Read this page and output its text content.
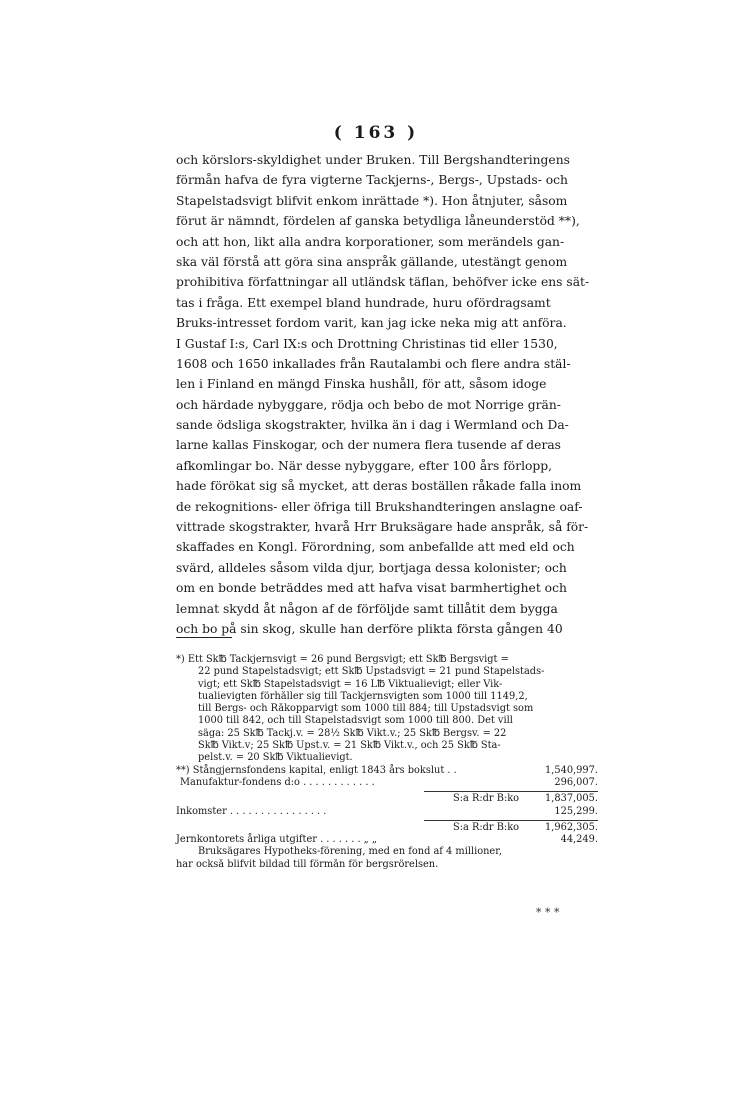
( 163 )
och körslors-skyldighet under Bruken. Till Bergshandteringens
förmån hafva de fyra vigterne Tackjerns-, Bergs-, Upstads- och
Stapelstadsvigt blifvit enkom inrättade *). Hon åtnjuter, såsom
förut är nämndt, fördelen af ganska betydliga låneunderstöd **),
och att hon, likt alla andra korporationer, som merändels gan-
ska väl förstå att göra sina anspråk gällande, utestängt genom
prohibitiva författningar all utländsk täflan, behöfver icke ens sät-
tas i fråga. Ett exempel bland hundrade, huru ofördragsamt
Bruks-intresset fordom varit, kan jag icke neka mig att anföra.
I Gustaf I:s, Carl IX:s och Drottning Christinas tid eller 1530,
1608 och 1650 inkallades från Rautalambi och flere andra stäl-
len i Finland en mängd Finska hushåll, för att, såsom idoge
och härdade nybyggare, rödja och bebo de mot Norrige grän-
sande ödsliga skogstrakter, hvilka än i dag i Wermland och Da-
larne kallas Finskogar, och der numera flera tusende af deras
afkomlingar bo. När desse nybyggare, efter 100 års förlopp,
hade förökat sig så mycket, att deras boställen råkade falla inom
de rekognitions- eller öfriga till Brukshandteringen anslagne oaf-
vittrade skogstrakter, hvarå Hrr Bruksägare hade anspråk, så för-
skaffades en Kongl. Förordning, som anbefallde att med eld och
svärd, alldeles såsom vilda djur, bortjaga dessa kolonister; och
om en bonde beträddes med att hafva visat barmhertighet och
lemnat skydd åt någon af de förföljde samt tillåtit dem bygga
och bo på sin skog, skulle han derföre plikta första gången 40
*) Ett Sk℔ Tackjernsvigt = 26 pund Bergsvigt; ett Sk℔ Bergsvigt =
22 pund Stapelstadsvigt; ett Sk℔ Upstadsvigt = 21 pund Stapelstads-
vigt; ett Sk℔ Stapelstadsvigt = 16 L℔ Viktualievigt; eller Vik-
tualievigten förhåller sig till Tackjernsvigten som 1000 till 1149,2,
till Bergs- och Råkopparvigt som 1000 till 884; till Upstadsvigt som
1000 till 842, och till Stapelstadsvigt som 1000 till 800. Det vill
säga: 25 Sk℔ Tackj.v. = 28½ Sk℔ Vikt.v.; 25 Sk℔ Bergsv. = 22
Sk℔ Vikt.v; 25 Sk℔ Upst.v. = 21 Sk℔ Vikt.v., och 25 Sk℔ Sta-
pelst.v. = 20 Sk℔ Viktualievigt.
**) Stångjernsfondens kapital, enligt 1843 års bokslut . .	1,540,997.
Manufaktur-fondens d:o . . . . . . . . . . . .	296,007.
S:a R:dr B:ko	1,837,005.
Inkomster . . . . . . . . . . . . . . . .	125,299.
S:a R:dr B:ko	1,962,305.
Jernkontorets årliga utgifter . . . . . . . „ „	44,249.
Bruksägares Hypotheks-förening, med en fond af 4 millioner,
har också blifvit bildad till förmån för bergsrörelsen.
* * *
